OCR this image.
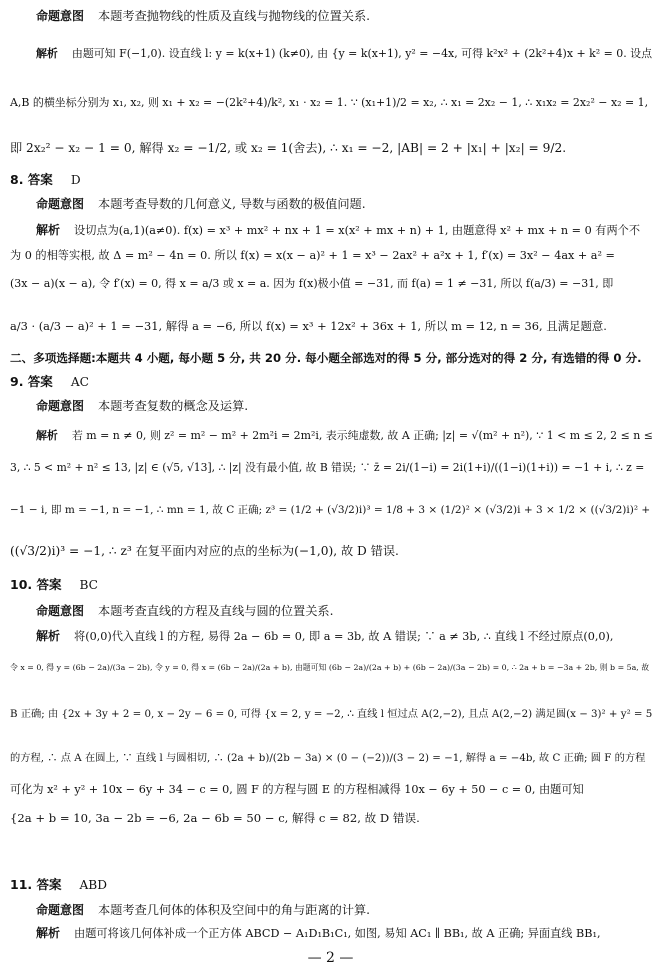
命题意图 本题考查抛物线的性质及直线与抛物线的位置关系.
解析 由题可知 F(−1,0). 设直线 l: y = k(x+1) (k≠0), 由 {y = k(x+1), y² = −4x, 可得 k²x² + (2k²+4)x + k² = 0. 设点
A,B 的横坐标分别为 x₁, x₂, 则 x₁ + x₂ = −(2k²+4)/k², x₁ · x₂ = 1. ∵ (x₁+1)/2 = x₂, ∴ x₁ = 2x₂ − 1, ∴ x₁x₂ = 2x₂² − x₂ = 1,
即 2x₂² − x₂ − 1 = 0, 解得 x₂ = −1/2, 或 x₂ = 1(舍去), ∴ x₁ = −2, |AB| = 2 + |x₁| + |x₂| = 9/2.
8. 答案 D
命题意图 本题考查导数的几何意义, 导数与函数的极值问题.
解析 设切点为(a,1)(a≠0). f(x) = x³ + mx² + nx + 1 = x(x² + mx + n) + 1, 由题意得 x² + mx + n = 0 有两个不
为 0 的相等实根, 故 Δ = m² − 4n = 0. 所以 f(x) = x(x − a)² + 1 = x³ − 2ax² + a²x + 1, f′(x) = 3x² − 4ax + a² =
(3x − a)(x − a), 令 f′(x) = 0, 得 x = a/3 或 x = a. 因为 f(x)极小值 = −31, 而 f(a) = 1 ≠ −31, 所以 f(a/3) = −31, 即
a/3 · (a/3 − a)² + 1 = −31, 解得 a = −6, 所以 f(x) = x³ + 12x² + 36x + 1, 所以 m = 12, n = 36, 且满足题意.
二、多项选择题:本题共 4 小题, 每小题 5 分, 共 20 分. 每小题全部选对的得 5 分, 部分选对的得 2 分, 有选错的得 0 分.
9. 答案 AC
命题意图 本题考查复数的概念及运算.
解析 若 m = n ≠ 0, 则 z² = m² − m² + 2m²i = 2m²i, 表示纯虚数, 故 A 正确; |z| = √(m² + n²), ∵ 1 < m ≤ 2, 2 ≤ n ≤
3, ∴ 5 < m² + n² ≤ 13, |z| ∈ (√5, √13], ∴ |z| 没有最小值, 故 B 错误; ∵ z̄ = 2i/(1−i) = 2i(1+i)/((1−i)(1+i)) = −1 + i, ∴ z =
−1 − i, 即 m = −1, n = −1, ∴ mn = 1, 故 C 正确; z³ = (1/2 + (√3/2)i)³ = 1/8 + 3 × (1/2)² × (√3/2)i + 3 × 1/2 × ((√3/2)i)² +
((√3/2)i)³ = −1, ∴ z³ 在复平面内对应的点的坐标为(−1,0), 故 D 错误.
10. 答案 BC
命题意图 本题考查直线的方程及直线与圆的位置关系.
解析 将(0,0)代入直线 l 的方程, 易得 2a − 6b = 0, 即 a = 3b, 故 A 错误; ∵ a ≠ 3b, ∴ 直线 l 不经过原点(0,0),
令 x = 0, 得 y = (6b − 2a)/(3a − 2b), 令 y = 0, 得 x = (6b − 2a)/(2a + b), 由题可知 (6b − 2a)/(2a + b) + (6b − 2a)/(3a − 2b) = 0, ∴ 2a + b = −3a + 2b, 则 b = 5a, 故
B 正确; 由 {2x + 3y + 2 = 0, x − 2y − 6 = 0, 可得 {x = 2, y = −2, ∴ 直线 l 恒过点 A(2,−2), 且点 A(2,−2) 满足圆(x − 3)² + y² = 5
的方程, ∴ 点 A 在圆上, ∵ 直线 l 与圆相切, ∴ (2a + b)/(2b − 3a) × (0 − (−2))/(3 − 2) = −1, 解得 a = −4b, 故 C 正确; 圆 F 的方程
可化为 x² + y² + 10x − 6y + 34 − c = 0, 圆 F 的方程与圆 E 的方程相减得 10x − 6y + 50 − c = 0, 由题可知
{2a + b = 10, 3a − 2b = −6, 2a − 6b = 50 − c, 解得 c = 82, 故 D 错误.
11. 答案 ABD
命题意图 本题考查几何体的体积及空间中的角与距离的计算.
解析 由题可将该几何体补成一个正方体 ABCD − A₁D₁B₁C₁, 如图, 易知 AC₁ ∥ BB₁, 故 A 正确; 异面直线 BB₁,
— 2 —
